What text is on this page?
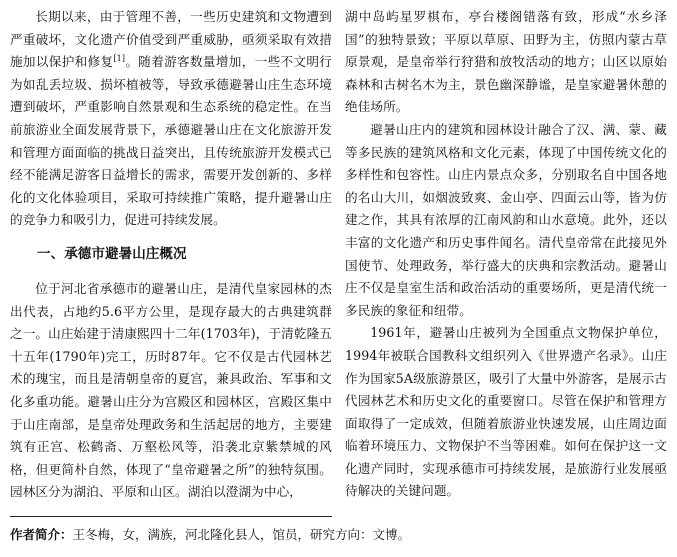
长期以来，由于管理不善，一些历史建筑和文物遭到严重破坏，文化遗产价值受到严重威胁，亟须采取有效措施加以保护和修复[1]。随着游客数量增加，一些不文明行为如乱丢垃圾、损坏植被等，导致承德避暑山庄生态环境遭到破坏，严重影响自然景观和生态系统的稳定性。在当前旅游业全面发展背景下，承德避暑山庄在文化旅游开发和管理方面面临的挑战日益突出，且传统旅游开发模式已经不能满足游客日益增长的需求，需要开发创新的、多样化的文化体验项目，采取可持续推广策略，提升避暑山庄的竞争力和吸引力，促进可持续发展。

一、承德市避暑山庄概况

位于河北省承德市的避暑山庄，是清代皇家园林的杰出代表，占地约5.6平方公里，是现存最大的古典建筑群之一。山庄始建于清康熙四十二年(1703年)，于清乾隆五十五年(1790年)完工，历时87年。它不仅是古代园林艺术的瑰宝，而且是清朝皇帝的夏宫，兼具政治、军事和文化多重功能。避暑山庄分为宫殿区和园林区，宫殿区集中于山庄南部，是皇帝处理政务和生活起居的地方，主要建筑有正宫、松鹤斋、万壑松风等，沿袭北京紫禁城的风格，但更简朴自然，体现了“皇帝避暑之所”的独特氛围。园林区分为湖泊、平原和山区。湖泊以澄湖为中心，

湖中岛屿星罗棋布，亭台楼阁错落有致，形成“水乡泽国”的独特景致；平原以草原、田野为主，仿照内蒙古草原景观，是皇帝举行狩猎和放牧活动的地方；山区以原始森林和古树名木为主，景色幽深静谧，是皇家避暑休憩的绝佳场所。

避暑山庄内的建筑和园林设计融合了汉、满、蒙、藏等多民族的建筑风格和文化元素，体现了中国传统文化的多样性和包容性。山庄内景点众多，分别取名自中国各地的名山大川，如烟波致爽、金山亭、四面云山等，皆为仿建之作，其具有浓厚的江南风韵和山水意境。此外，还以丰富的文化遗产和历史事件闻名。清代皇帝常在此接见外国使节、处理政务，举行盛大的庆典和宗教活动。避暑山庄不仅是皇室生活和政治活动的重要场所，更是清代统一多民族的象征和纽带。

1961年，避暑山庄被列为全国重点文物保护单位，1994年被联合国教科文组织列入《世界遗产名录》。山庄作为国家5A级旅游景区，吸引了大量中外游客，是展示古代园林艺术和历史文化的重要窗口。尽管在保护和管理方面取得了一定成效，但随着旅游业快速发展，山庄周边面临着环境压力、文物保护不当等困难。如何在保护这一文化遗产同时，实现承德市可持续发展，是旅游行业发展亟待解决的关键问题。

作者简介：王冬梅，女，满族，河北隆化县人，馆员，研究方向：文博。
